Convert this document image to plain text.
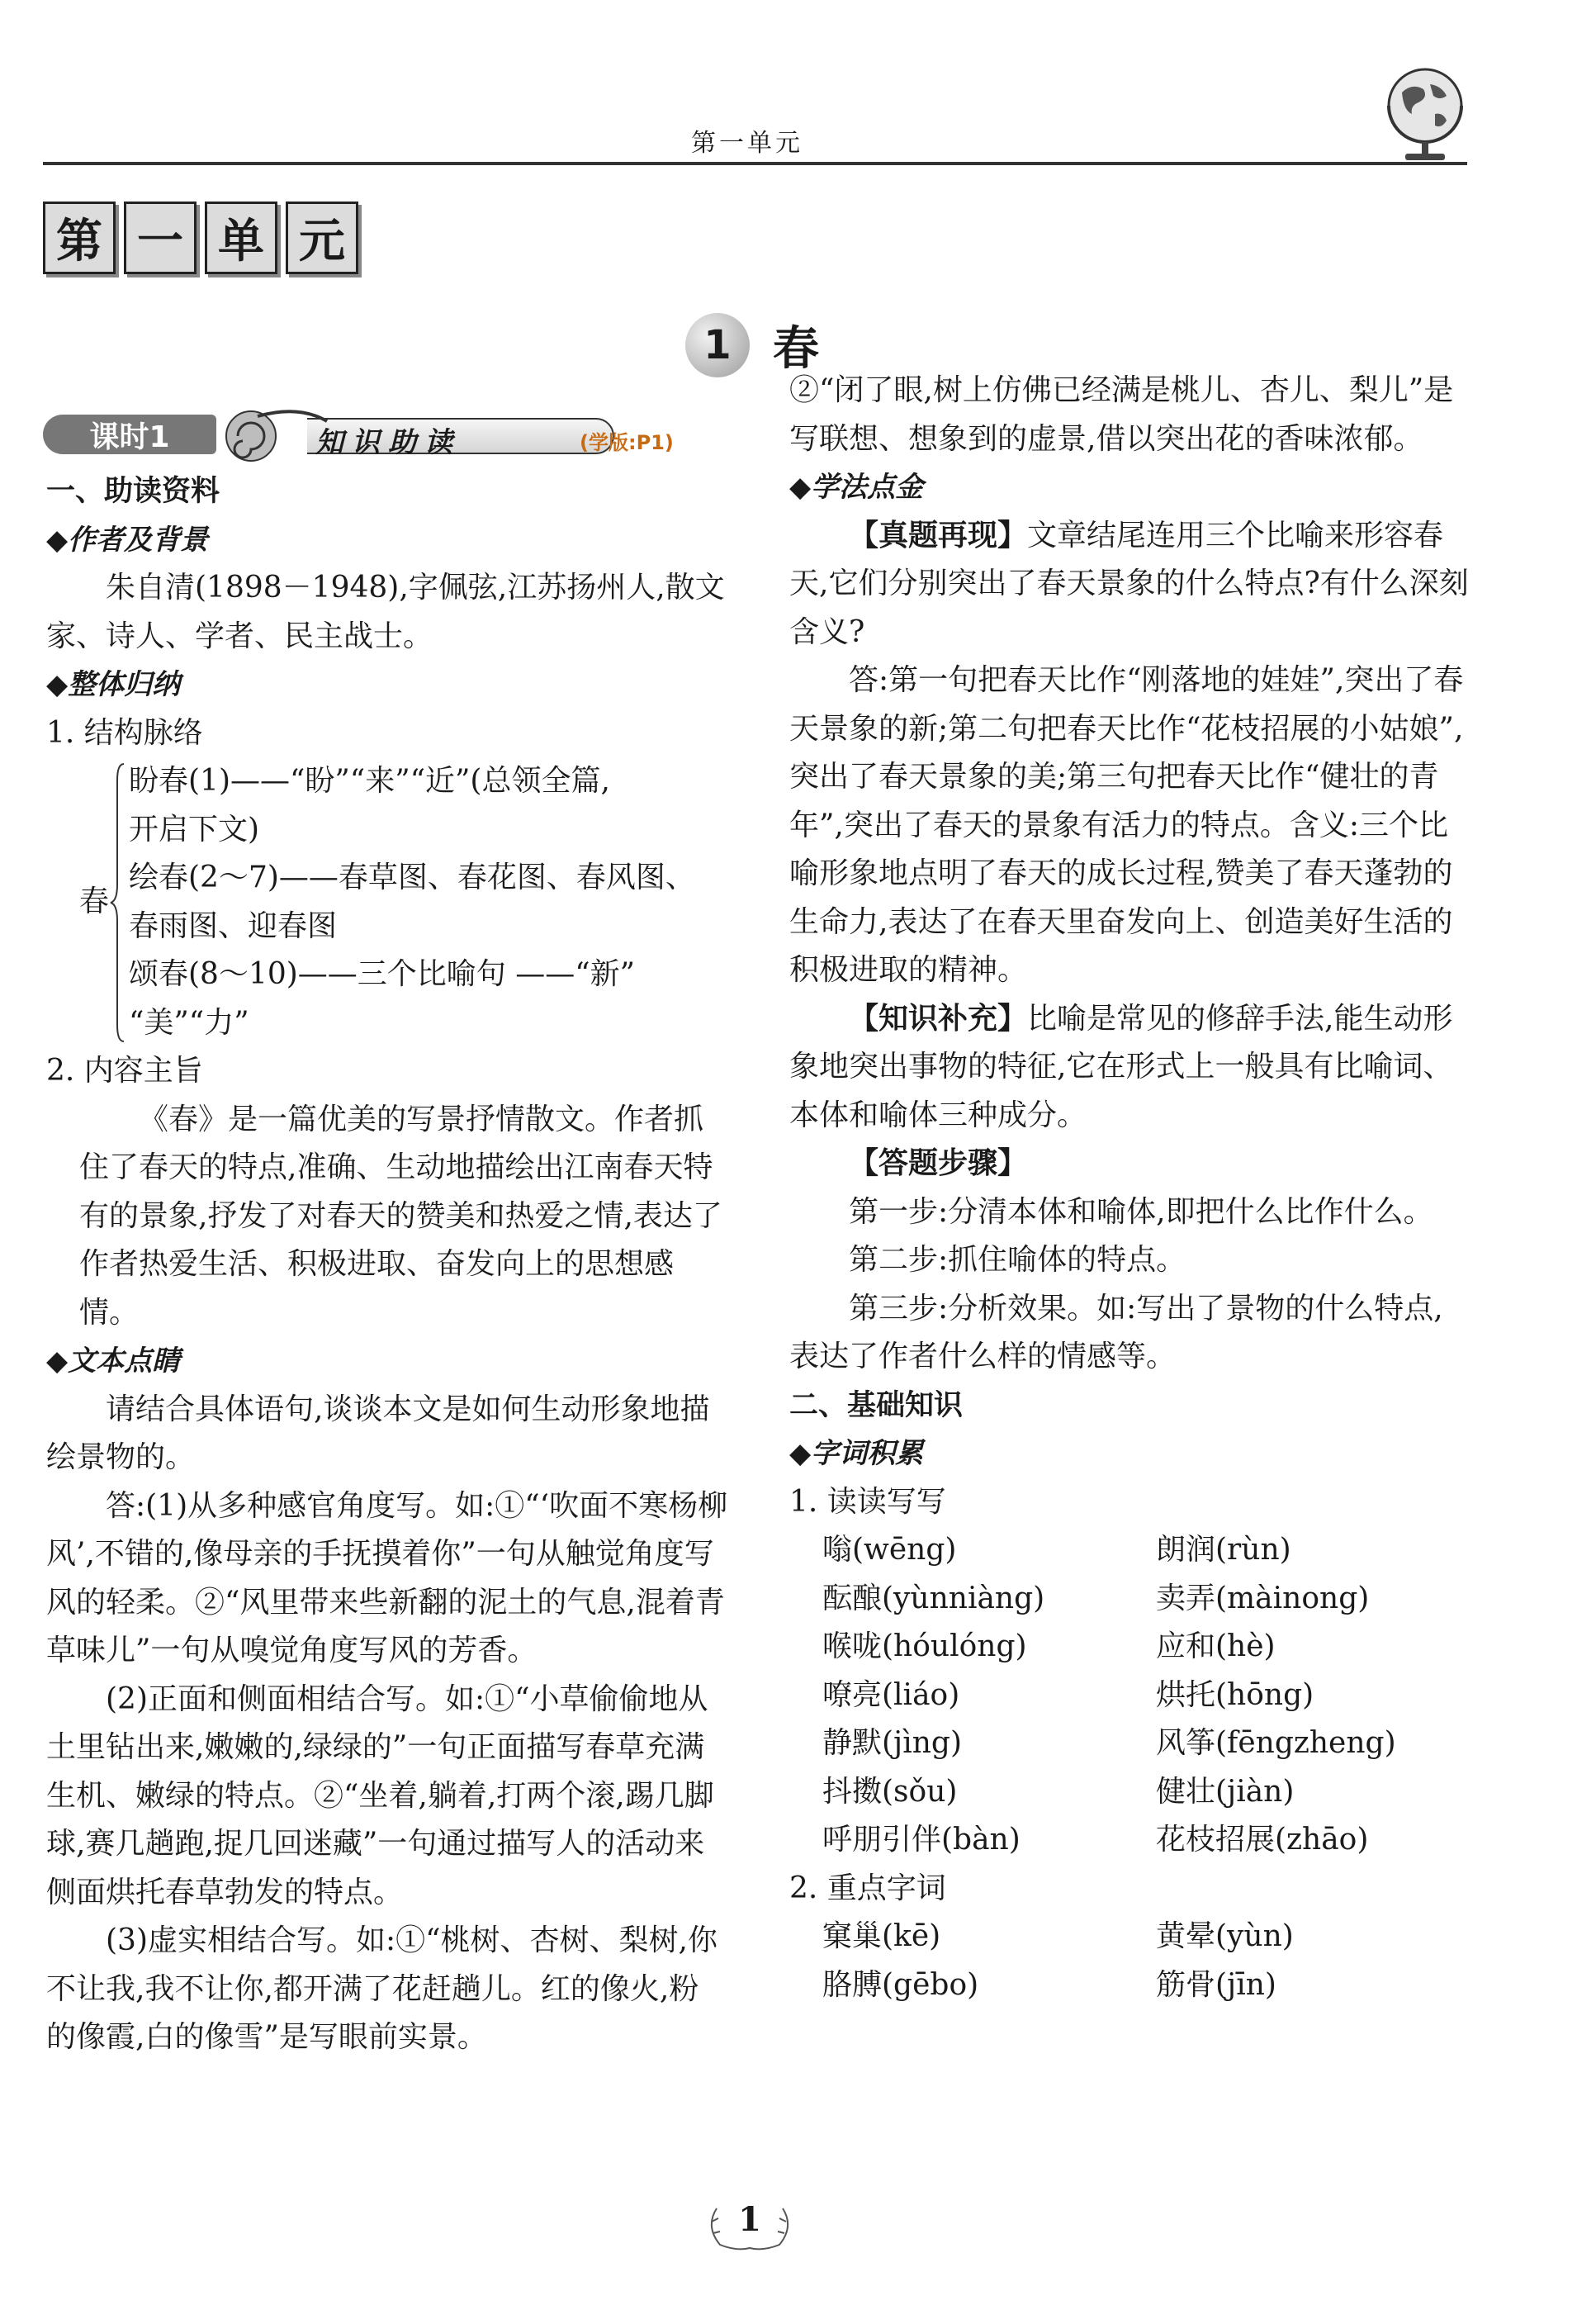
第一单元
第 一 单 元
1 春
课时1	知识助读	(学版:P1)

一、助读资料

◆作者及背景

朱自清(1898－1948),字佩弦,江苏扬州人,散文家、诗人、学者、民主战士。

◆整体归纳

1. 结构脉络

春

盼春(1)——“盼”“来”“近”(总领全篇,

开启下文)

绘春(2～7)——春草图、春花图、春风图、

春雨图、迎春图

颂春(8～10)——三个比喻句 ——“新”

“美”“力”

2. 内容主旨

《春》是一篇优美的写景抒情散文。作者抓住了春天的特点,准确、生动地描绘出江南春天特有的景象,抒发了对春天的赞美和热爱之情,表达了作者热爱生活、积极进取、奋发向上的思想感情。

◆文本点睛

请结合具体语句,谈谈本文是如何生动形象地描绘景物的。

答:(1)从多种感官角度写。如:①“‘吹面不寒杨柳风’,不错的,像母亲的手抚摸着你”一句从触觉角度写风的轻柔。②“风里带来些新翻的泥土的气息,混着青草味儿”一句从嗅觉角度写风的芳香。

(2)正面和侧面相结合写。如:①“小草偷偷地从土里钻出来,嫩嫩的,绿绿的”一句正面描写春草充满生机、嫩绿的特点。②“坐着,躺着,打两个滚,踢几脚球,赛几趟跑,捉几回迷藏”一句通过描写人的活动来侧面烘托春草勃发的特点。

(3)虚实相结合写。如:①“桃树、杏树、梨树,你不让我,我不让你,都开满了花赶趟儿。红的像火,粉的像霞,白的像雪”是写眼前实景。

②“闭了眼,树上仿佛已经满是桃儿、杏儿、梨儿”是写联想、想象到的虚景,借以突出花的香味浓郁。

◆学法点金

【真题再现】文章结尾连用三个比喻来形容春天,它们分别突出了春天景象的什么特点?有什么深刻含义?

答:第一句把春天比作“刚落地的娃娃”,突出了春天景象的新;第二句把春天比作“花枝招展的小姑娘”,突出了春天景象的美;第三句把春天比作“健壮的青年”,突出了春天的景象有活力的特点。含义:三个比喻形象地点明了春天的成长过程,赞美了春天蓬勃的生命力,表达了在春天里奋发向上、创造美好生活的积极进取的精神。

【知识补充】比喻是常见的修辞手法,能生动形象地突出事物的特征,它在形式上一般具有比喻词、本体和喻体三种成分。

【答题步骤】

第一步:分清本体和喻体,即把什么比作什么。

第二步:抓住喻体的特点。

第三步:分析效果。如:写出了景物的什么特点,表达了作者什么样的情感等。

二、基础知识

◆字词积累

1. 读读写写

嗡(wēng)	朗润(rùn)
酝酿(yùnniàng)	卖弄(màinong)
喉咙(hóulóng)	应和(hè)
嘹亮(liáo)	烘托(hōng)
静默(jìng)	风筝(fēngzheng)
抖擞(sǒu)	健壮(jiàn)
呼朋引伴(bàn)	花枝招展(zhāo)

2. 重点字词

窠巢(kē)	黄晕(yùn)
胳膊(gēbo)	筋骨(jīn)
1
